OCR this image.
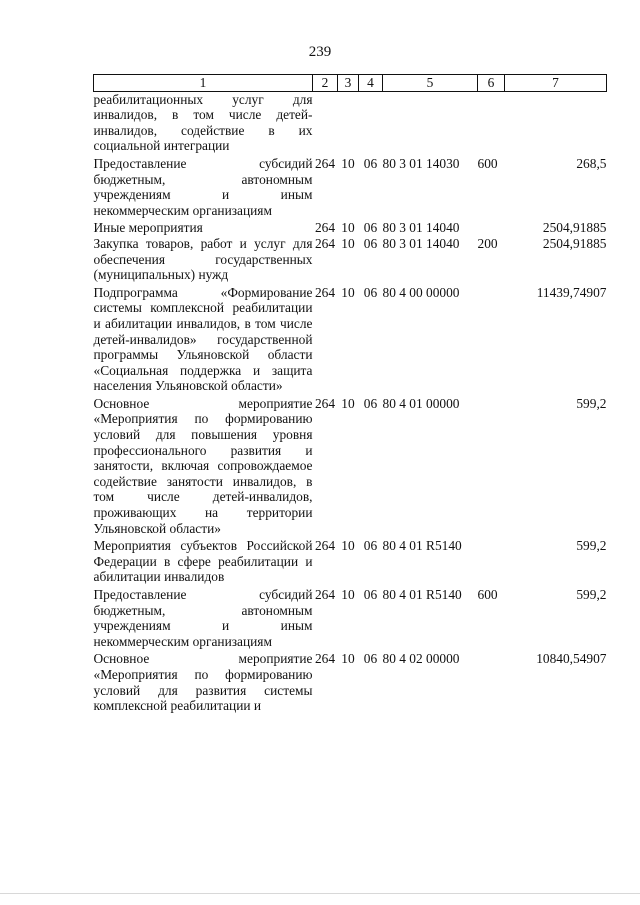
239
1	2	3	4	5	6	7
реабилитационных услуг для инвалидов, в том числе детей-инвалидов, содействие в их социальной интеграции						
Предоставление субсидий бюджетным, автономным учреждениям и иным некоммерческим организациям	264	10	06	80 3 01 14030	600	268,5
Иные мероприятия	264	10	06	80 3 01 14040		2504,91885
Закупка товаров, работ и услуг для обеспечения государственных (муниципальных) нужд	264	10	06	80 3 01 14040	200	2504,91885
Подпрограмма «Формирование системы комплексной реабилитации и абилитации инвалидов, в том числе детей-инвалидов» государственной программы Ульяновской области «Социальная поддержка и защита населения Ульяновской области»	264	10	06	80 4 00 00000		11439,74907
Основное мероприятие «Мероприятия по формированию условий для повышения уровня профессионального развития и занятости, включая сопровождаемое содействие занятости инвалидов, в том числе детей-инвалидов, проживающих на территории Ульяновской области»	264	10	06	80 4 01 00000		599,2
Мероприятия субъектов Российской Федерации в сфере реабилитации и абилитации инвалидов	264	10	06	80 4 01 R5140		599,2
Предоставление субсидий бюджетным, автономным учреждениям и иным некоммерческим организациям	264	10	06	80 4 01 R5140	600	599,2
Основное мероприятие «Мероприятия по формированию условий для развития системы комплексной реабилитации и	264	10	06	80 4 02 00000		10840,54907
